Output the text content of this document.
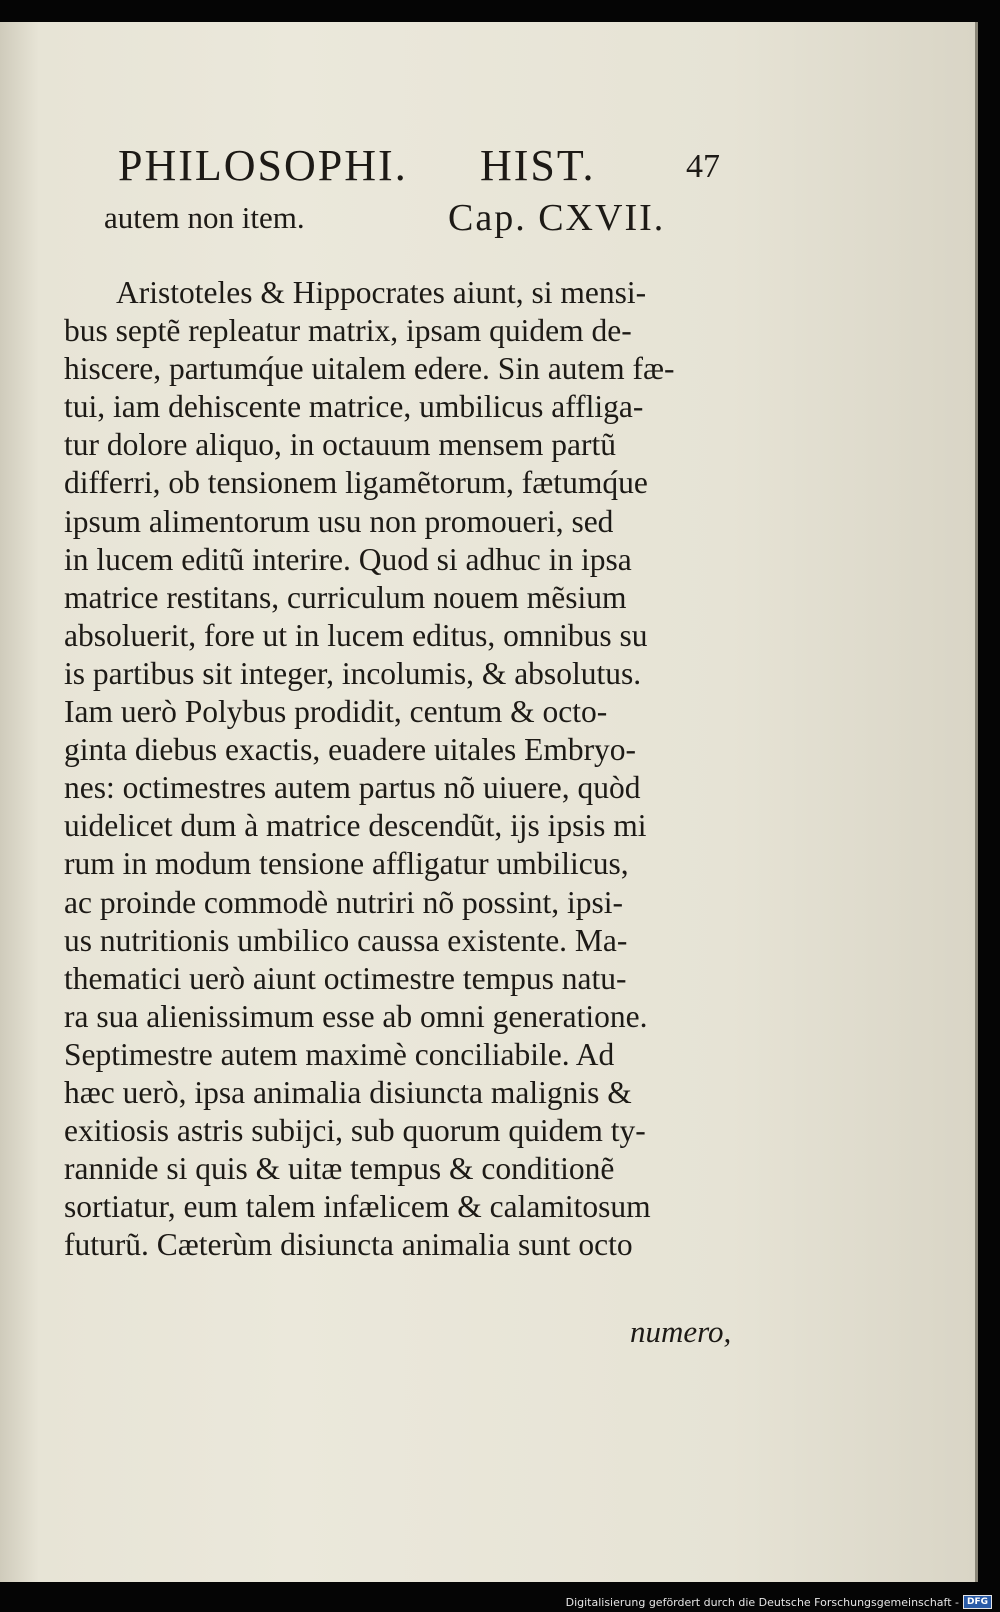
PHILOSOPHI. HIST.	47
autem non item.	Cap. CXVII.
Aristoteles & Hippocrates aiunt, si mensi-
bus septẽ repleatur matrix, ipsam quidem de-
hiscere, partumq́ue uitalem edere. Sin autem fæ-
tui, iam dehiscente matrice, umbilicus affliga-
tur dolore aliquo, in octauum mensem partũ
differri, ob tensionem ligamẽtorum, fætumq́ue
ipsum alimentorum usu non promoueri, sed
in lucem editũ interire. Quod si adhuc in ipsa
matrice restitans, curriculum nouem mẽsium
absoluerit, fore ut in lucem editus, omnibus su
is partibus sit integer, incolumis, & absolutus.
Iam uerò Polybus prodidit, centum & octo-
ginta diebus exactis, euadere uitales Embryo-
nes: octimestres autem partus nõ uiuere, quòd
uidelicet dum à matrice descendũt, ĳs ipsis mi
rum in modum tensione affligatur umbilicus,
ac proinde commodè nutriri nõ possint, ipsi-
us nutritionis umbilico caussa existente. Ma-
thematici uerò aiunt octimestre tempus natu-
ra sua alienissimum esse ab omni generatione.
Septimestre autem maximè conciliabile. Ad
hæc uerò, ipsa animalia disiuncta malignis &
exitiosis astris subĳci, sub quorum quidem ty-
rannide si quis & uitæ tempus & conditionẽ
sortiatur, eum talem infælicem & calamitosum
futurũ. Cæterùm disiuncta animalia sunt octo
numero,
Digitalisierung gefördert durch die Deutsche Forschungsgemeinschaft - DFG
